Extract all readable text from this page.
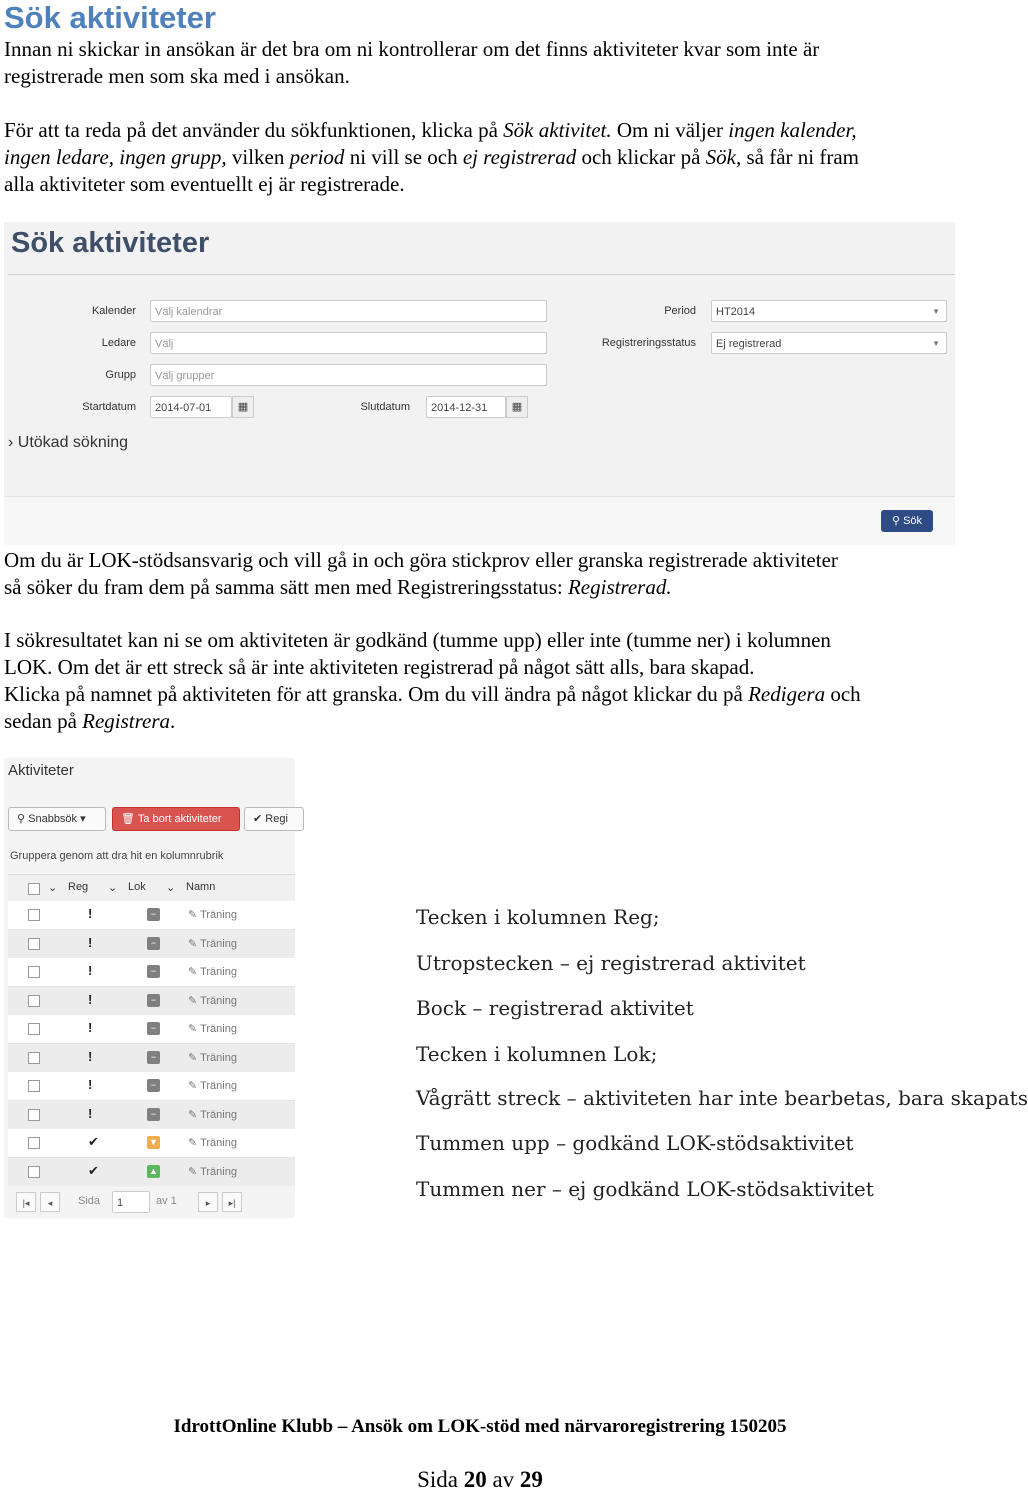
Sök aktiviteter
Innan ni skickar in ansökan är det bra om ni kontrollerar om det finns aktiviteter kvar som inte är
registrerade men som ska med i ansökan.
För att ta reda på det använder du sökfunktionen, klicka på Sök aktivitet. Om ni väljer ingen kalender,
ingen ledare, ingen grupp, vilken period ni vill se och ej registrerad och klickar på Sök, så får ni fram
alla aktiviteter som eventuellt ej är registrerade.
Sök aktiviteter
Kalender	Välj kalendrar
Ledare	Välj
Grupp	Välj grupper
Startdatum	2014-07-01	▦	Slutdatum	2014-12-31	▦
Period	HT2014	▼
Registreringsstatus	Ej registrerad	▼
› Utökad sökning
⚲ Sök
Om du är LOK-stödsansvarig och vill gå in och göra stickprov eller granska registrerade aktiviteter
så söker du fram dem på samma sätt men med Registreringsstatus: Registrerad.
I sökresultatet kan ni se om aktiviteten är godkänd (tumme upp) eller inte (tumme ner) i kolumnen
LOK. Om det är ett streck så är inte aktiviteten registrerad på något sätt alls, bara skapad.
Klicka på namnet på aktiviteten för att granska. Om du vill ändra på något klickar du på Redigera och
sedan på Registrera.
Aktiviteter
⚲ Snabbsök ▾	🗑 Ta bort aktiviteter	✔ Regi
Gruppera genom att dra hit en kolumnrubrik
⌄ Reg ⌄ Lok ⌄ Namn
!	−	✎ Träning
!	−	✎ Träning
!	−	✎ Träning
!	−	✎ Träning
!	−	✎ Träning
!	−	✎ Träning
!	−	✎ Träning
!	−	✎ Träning
✔	▼	✎ Träning
✔	▲	✎ Träning
|◂	◂	Sida	1	av 1	▸	▸|
Tecken i kolumnen Reg;
Utropstecken – ej registrerad aktivitet
Bock – registrerad aktivitet
Tecken i kolumnen Lok;
Vågrätt streck – aktiviteten har inte bearbetas, bara skapats
Tummen upp – godkänd LOK-stödsaktivitet
Tummen ner – ej godkänd LOK-stödsaktivitet
IdrottOnline Klubb – Ansök om LOK-stöd med närvaroregistrering 150205
Sida 20 av 29
